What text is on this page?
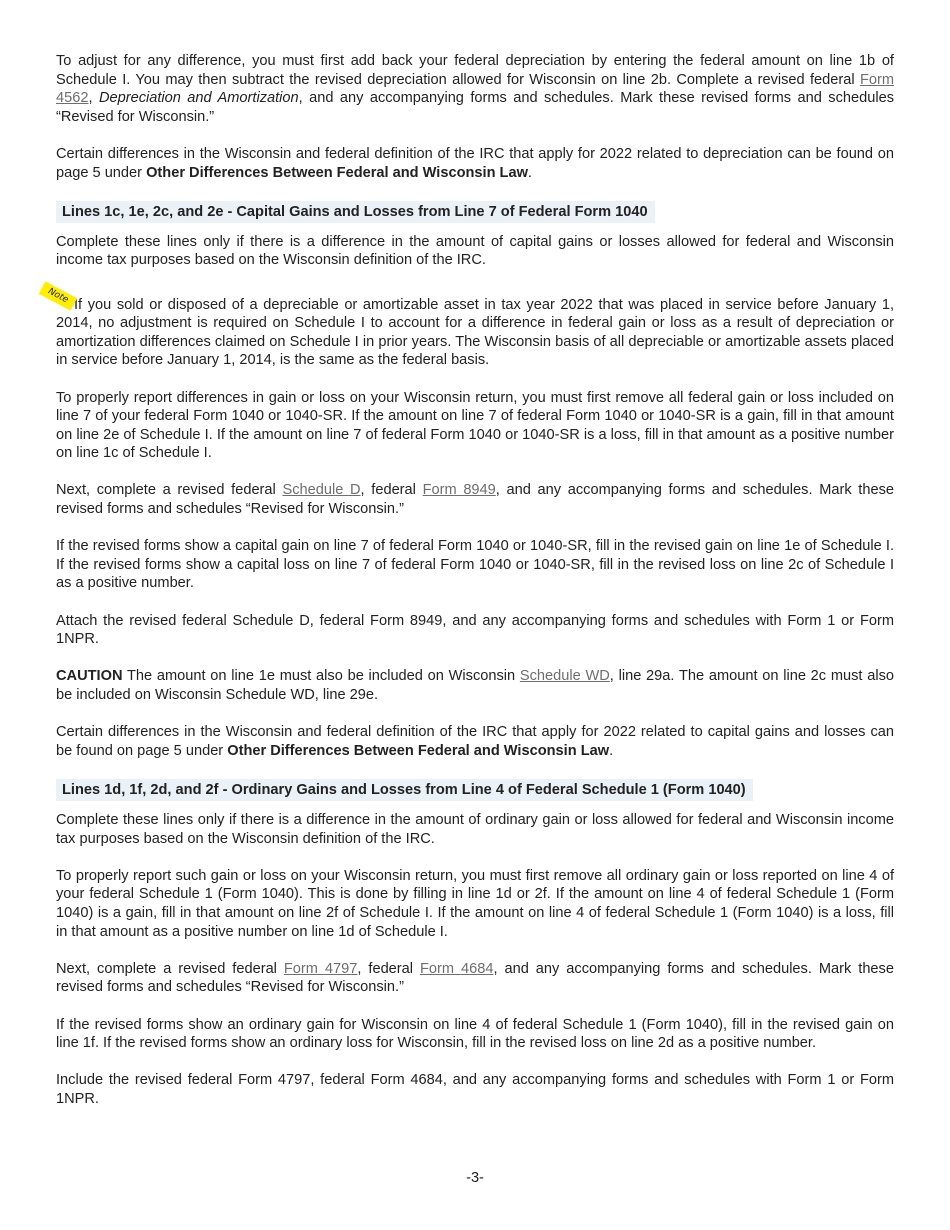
To adjust for any difference, you must first add back your federal depreciation by entering the federal amount on line 1b of Schedule I. You may then subtract the revised depreciation allowed for Wisconsin on line 2b. Complete a revised federal Form 4562, Depreciation and Amortization, and any accompanying forms and schedules. Mark these revised forms and schedules “Revised for Wisconsin.”

Certain differences in the Wisconsin and federal definition of the IRC that apply for 2022 related to depreciation can be found on page 5 under Other Differences Between Federal and Wisconsin Law.

Lines 1c, 1e, 2c, and 2e - Capital Gains and Losses from Line 7 of Federal Form 1040

Complete these lines only if there is a difference in the amount of capital gains or losses allowed for federal and Wisconsin income tax purposes based on the Wisconsin definition of the IRC.

Note If you sold or disposed of a depreciable or amortizable asset in tax year 2022 that was placed in service before January 1, 2014, no adjustment is required on Schedule I to account for a difference in federal gain or loss as a result of depreciation or amortization differences claimed on Schedule I in prior years. The Wisconsin basis of all depreciable or amortizable assets placed in service before January 1, 2014, is the same as the federal basis.

To properly report differences in gain or loss on your Wisconsin return, you must first remove all federal gain or loss included on line 7 of your federal Form 1040 or 1040-SR. If the amount on line 7 of federal Form 1040 or 1040-SR is a gain, fill in that amount on line 2e of Schedule I. If the amount on line 7 of federal Form 1040 or 1040-SR is a loss, fill in that amount as a positive number on line 1c of Schedule I.

Next, complete a revised federal Schedule D, federal Form 8949, and any accompanying forms and schedules. Mark these revised forms and schedules “Revised for Wisconsin.”

If the revised forms show a capital gain on line 7 of federal Form 1040 or 1040-SR, fill in the revised gain on line 1e of Schedule I. If the revised forms show a capital loss on line 7 of federal Form 1040 or 1040-SR, fill in the revised loss on line 2c of Schedule I as a positive number.

Attach the revised federal Schedule D, federal Form 8949, and any accompanying forms and schedules with Form 1 or Form 1NPR.

CAUTION The amount on line 1e must also be included on Wisconsin Schedule WD, line 29a. The amount on line 2c must also be included on Wisconsin Schedule WD, line 29e.

Certain differences in the Wisconsin and federal definition of the IRC that apply for 2022 related to capital gains and losses can be found on page 5 under Other Differences Between Federal and Wisconsin Law.

Lines 1d, 1f, 2d, and 2f - Ordinary Gains and Losses from Line 4 of Federal Schedule 1 (Form 1040)

Complete these lines only if there is a difference in the amount of ordinary gain or loss allowed for federal and Wisconsin income tax purposes based on the Wisconsin definition of the IRC.

To properly report such gain or loss on your Wisconsin return, you must first remove all ordinary gain or loss reported on line 4 of your federal Schedule 1 (Form 1040). This is done by filling in line 1d or 2f. If the amount on line 4 of federal Schedule 1 (Form 1040) is a gain, fill in that amount on line 2f of Schedule I. If the amount on line 4 of federal Schedule 1 (Form 1040) is a loss, fill in that amount as a positive number on line 1d of Schedule I.

Next, complete a revised federal Form 4797, federal Form 4684, and any accompanying forms and schedules. Mark these revised forms and schedules “Revised for Wisconsin.”

If the revised forms show an ordinary gain for Wisconsin on line 4 of federal Schedule 1 (Form 1040), fill in the revised gain on line 1f. If the revised forms show an ordinary loss for Wisconsin, fill in the revised loss on line 2d as a positive number.

Include the revised federal Form 4797, federal Form 4684, and any accompanying forms and schedules with Form 1 or Form 1NPR.

-3-
